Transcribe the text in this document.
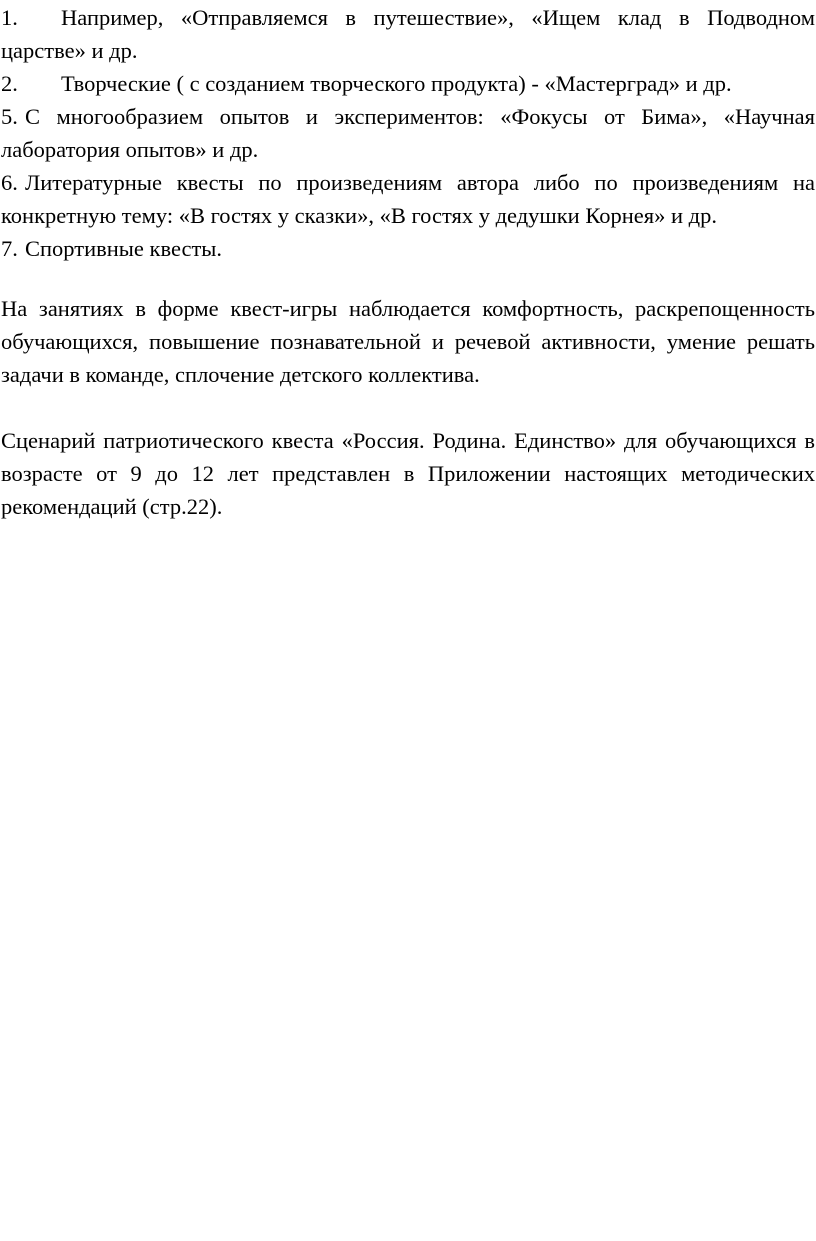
1. Например, «Отправляемся в путешествие», «Ищем клад в Подводном царстве» и др.

2. Творческие ( с созданием творческого продукта) - «Мастерград» и др.

5. С многообразием опытов и экспериментов: «Фокусы от Бима», «Научная лаборатория опытов» и др.

6. Литературные квесты по произведениям автора либо по произведениям на конкретную тему: «В гостях у сказки», «В гостях у дедушки Корнея» и др.

7. Спортивные квесты.

На занятиях в форме квест-игры наблюдается комфортность, раскрепощенность обучающихся, повышение познавательной и речевой активности, умение решать задачи в команде, сплочение детского коллектива.

Сценарий патриотического квеста «Россия. Родина. Единство» для обучающихся в возрасте от 9 до 12 лет представлен в Приложении настоящих методических рекомендаций (стр.22).
